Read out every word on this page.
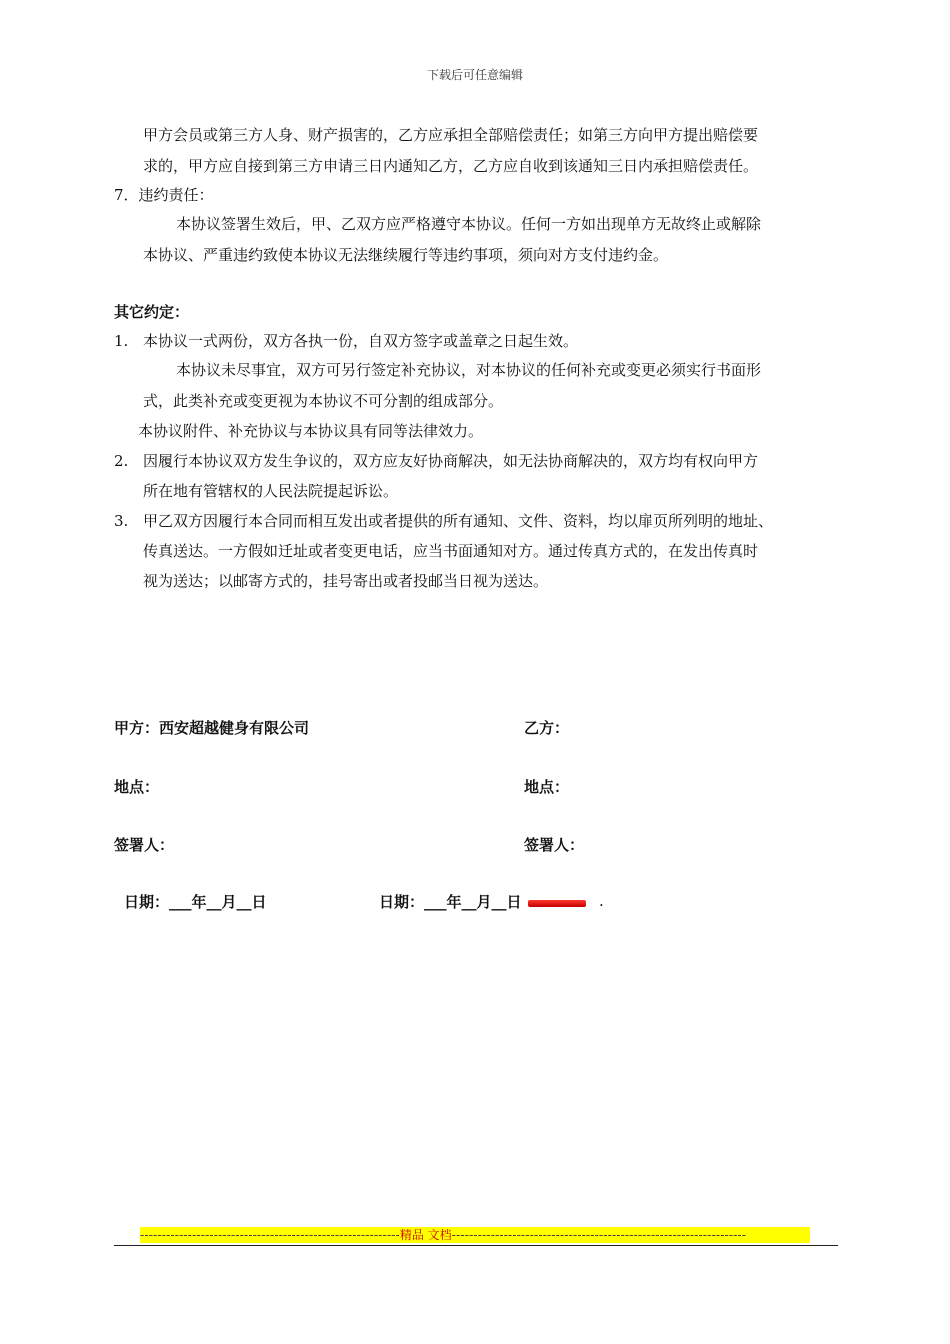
下载后可任意编辑
甲方会员或第三方人身、财产损害的，乙方应承担全部赔偿责任；如第三方向甲方提出赔偿要
求的，甲方应自接到第三方申请三日内通知乙方，乙方应自收到该通知三日内承担赔偿责任。
7．违约责任：
本协议签署生效后，甲、乙双方应严格遵守本协议。任何一方如出现单方无故终止或解除
本协议、严重违约致使本协议无法继续履行等违约事项，须向对方支付违约金。
其它约定：
1. 本协议一式两份，双方各执一份，自双方签字或盖章之日起生效。
本协议未尽事宜，双方可另行签定补充协议，对本协议的任何补充或变更必须实行书面形
式，此类补充或变更视为本协议不可分割的组成部分。
本协议附件、补充协议与本协议具有同等法律效力。
2. 因履行本协议双方发生争议的，双方应友好协商解决，如无法协商解决的，双方均有权向甲方
所在地有管辖权的人民法院提起诉讼。
3. 甲乙双方因履行本合同而相互发出或者提供的所有通知、文件、资料，均以扉页所列明的地址、
传真送达。一方假如迁址或者变更电话，应当书面通知对方。通过传真方式的，在发出传真时
视为送达；以邮寄方式的，挂号寄出或者投邮当日视为送达。
甲方：西安超越健身有限公司	乙方：
地点：	地点：
签署人：	签署人：
日期：___年__月__日	日期：___年__月__日	.
------------------------------------------------------------精品 文档--------------------------------------------------------------------
